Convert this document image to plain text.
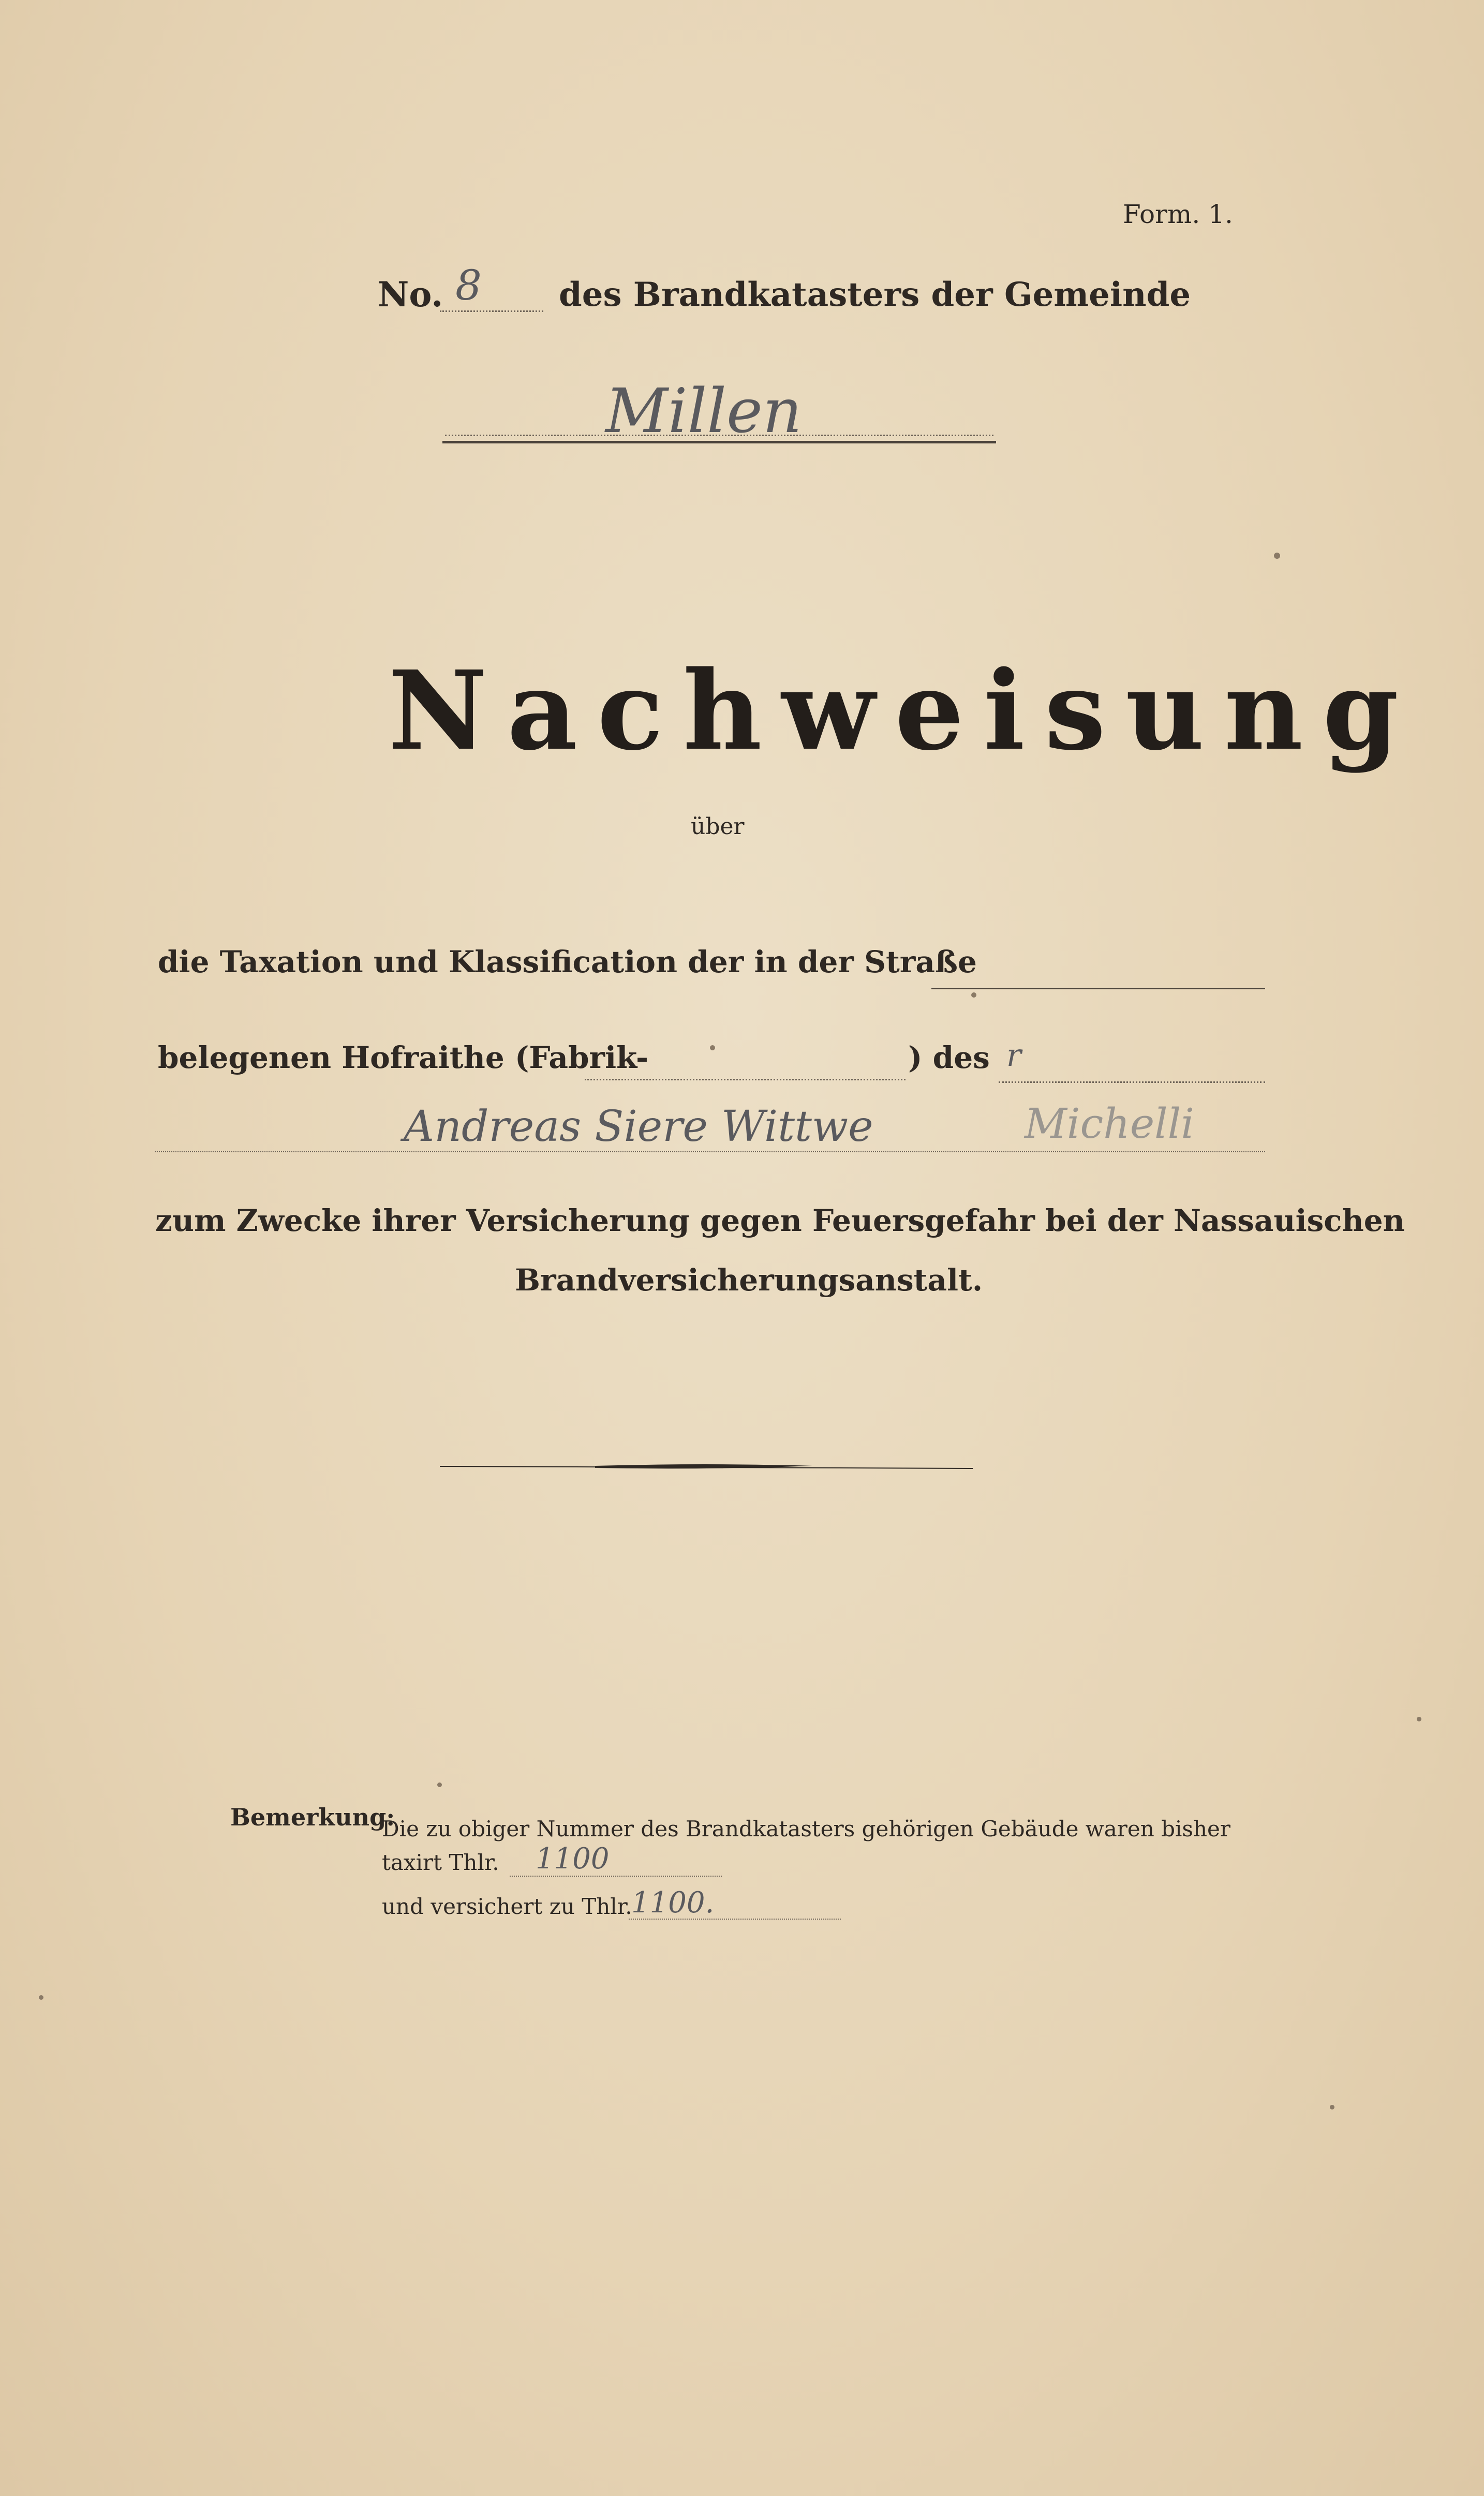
Form. 1.
No. 8 des Brandkatasters der Gemeinde
Millen
Nachweisung
über
die Taxation und Klassification der in der Straße
belegenen Hofraithe (Fabrik-	) des r
Andreas Siere Wittwe	Michelli
zum Zwecke ihrer Versicherung gegen Feuersgefahr bei der Nassauischen
Brandversicherungsanstalt.
Bemerkung:
Die zu obiger Nummer des Brandkatasters gehörigen Gebäude waren bisher
taxirt Thlr. 1100
und versichert zu Thlr.
1100.
